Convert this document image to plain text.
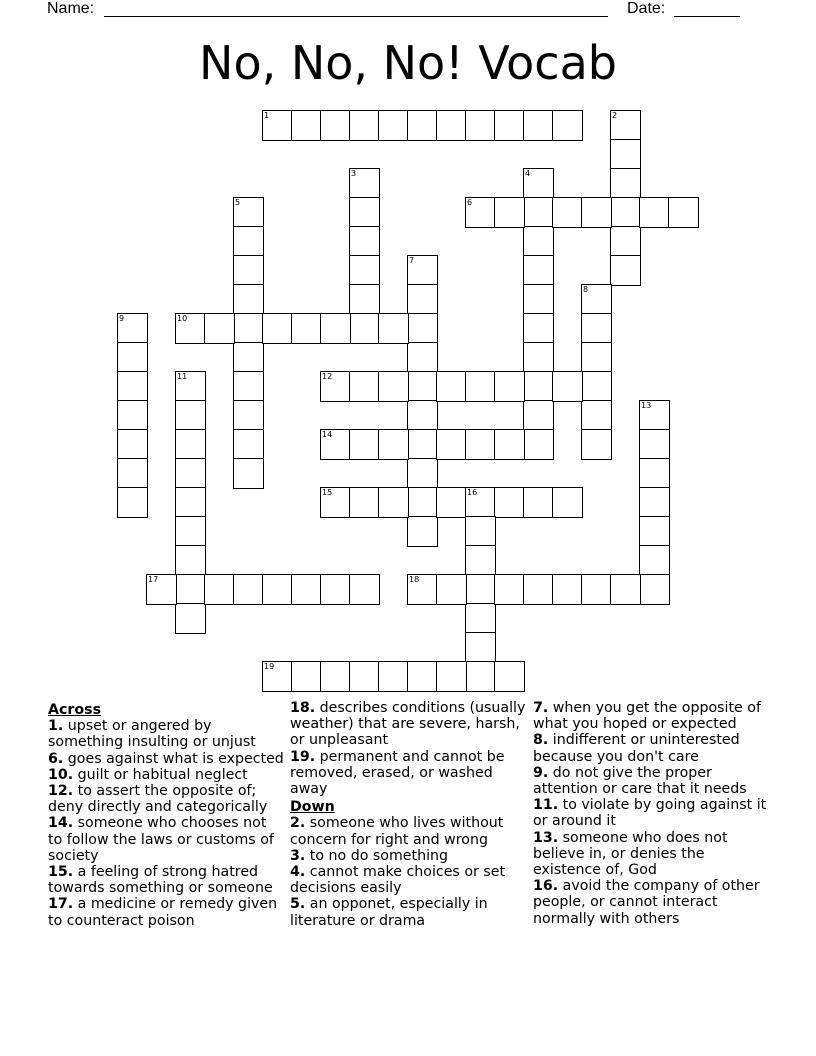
Name:	Date:
No, No, No! Vocab
1	2
3	4
5	6
7
8
9	10
11	12
13
14
15	16
17	18
19
Across

1. upset or angered by something insulting or unjust

6. goes against what is expected

10. guilt or habitual neglect

12. to assert the opposite of; deny directly and categorically

14. someone who chooses not to follow the laws or customs of society

15. a feeling of strong hatred towards something or someone

17. a medicine or remedy given to counteract poison

18. describes conditions (usually weather) that are severe, harsh, or unpleasant

19. permanent and cannot be removed, erased, or washed away

Down

2. someone who lives without concern for right and wrong

3. to no do something

4. cannot make choices or set decisions easily

5. an opponet, especially in literature or drama

7. when you get the opposite of what you hoped or expected

8. indifferent or uninterested because you don't care

9. do not give the proper attention or care that it needs

11. to violate by going against it or around it

13. someone who does not believe in, or denies the existence of, God

16. avoid the company of other people, or cannot interact normally with others
